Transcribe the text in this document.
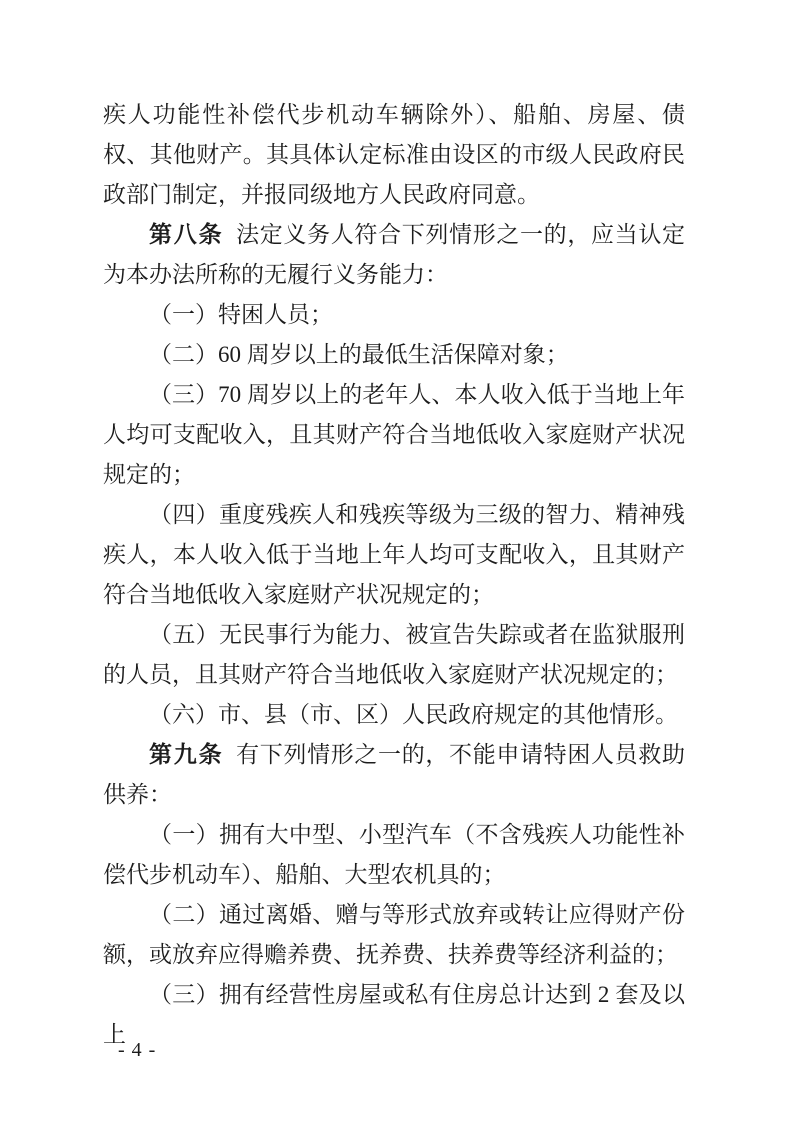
疾人功能性补偿代步机动车辆除外）、船舶、房屋、债权、其他财产。其具体认定标准由设区的市级人民政府民政部门制定，并报同级地方人民政府同意。

第八条 法定义务人符合下列情形之一的，应当认定为本办法所称的无履行义务能力：

（一）特困人员；

（二）60 周岁以上的最低生活保障对象；

（三）70 周岁以上的老年人、本人收入低于当地上年人均可支配收入，且其财产符合当地低收入家庭财产状况规定的；

（四）重度残疾人和残疾等级为三级的智力、精神残疾人，本人收入低于当地上年人均可支配收入，且其财产符合当地低收入家庭财产状况规定的；

（五）无民事行为能力、被宣告失踪或者在监狱服刑的人员，且其财产符合当地低收入家庭财产状况规定的；

（六）市、县（市、区）人民政府规定的其他情形。

第九条 有下列情形之一的，不能申请特困人员救助供养：

（一）拥有大中型、小型汽车（不含残疾人功能性补偿代步机动车）、船舶、大型农机具的；

（二）通过离婚、赠与等形式放弃或转让应得财产份额，或放弃应得赡养费、抚养费、扶养费等经济利益的；

（三）拥有经营性房屋或私有住房总计达到 2 套及以上

- 4 -
